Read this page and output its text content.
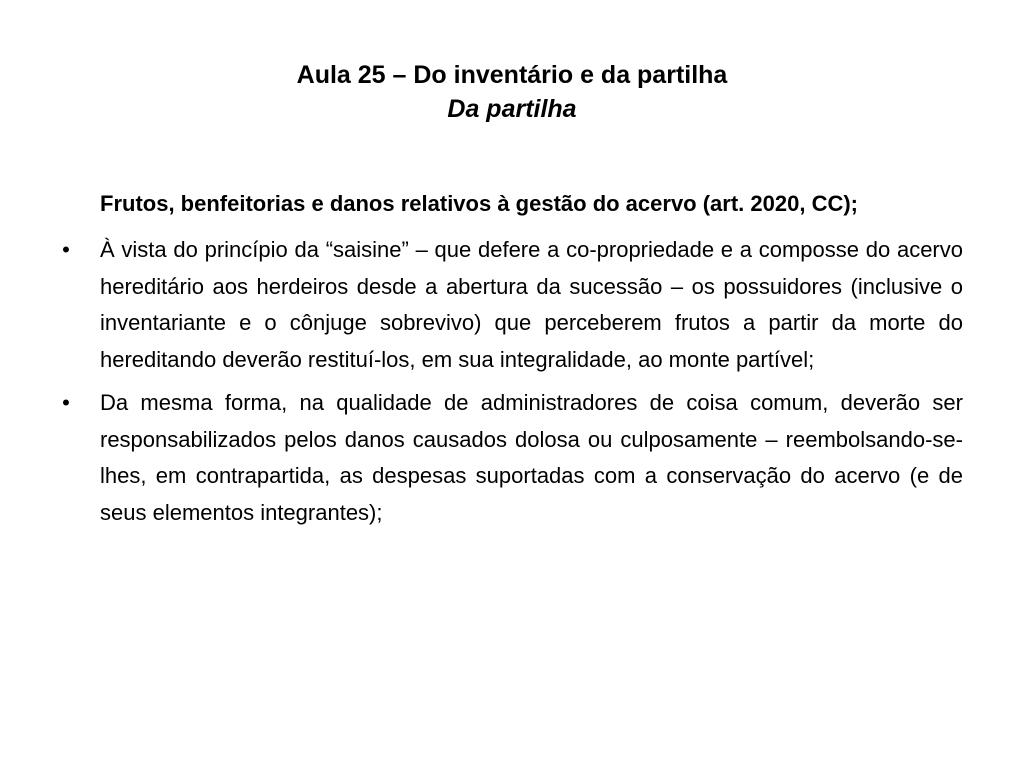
Aula 25 – Do inventário e da partilha
Da partilha

Frutos, benfeitorias e danos relativos à gestão do acervo (art. 2020, CC);

• À vista do princípio da “saisine” – que defere a co-propriedade e a composse do acervo hereditário aos herdeiros desde a abertura da sucessão – os possuidores (inclusive o inventariante e o cônjuge sobrevivo) que perceberem frutos a partir da morte do hereditando deverão restituí-los, em sua integralidade, ao monte partível;
• Da mesma forma, na qualidade de administradores de coisa comum, deverão ser responsabilizados pelos danos causados dolosa ou culposamente – reembolsando-se-lhes, em contrapartida, as despesas suportadas com a conservação do acervo (e de seus elementos integrantes);
